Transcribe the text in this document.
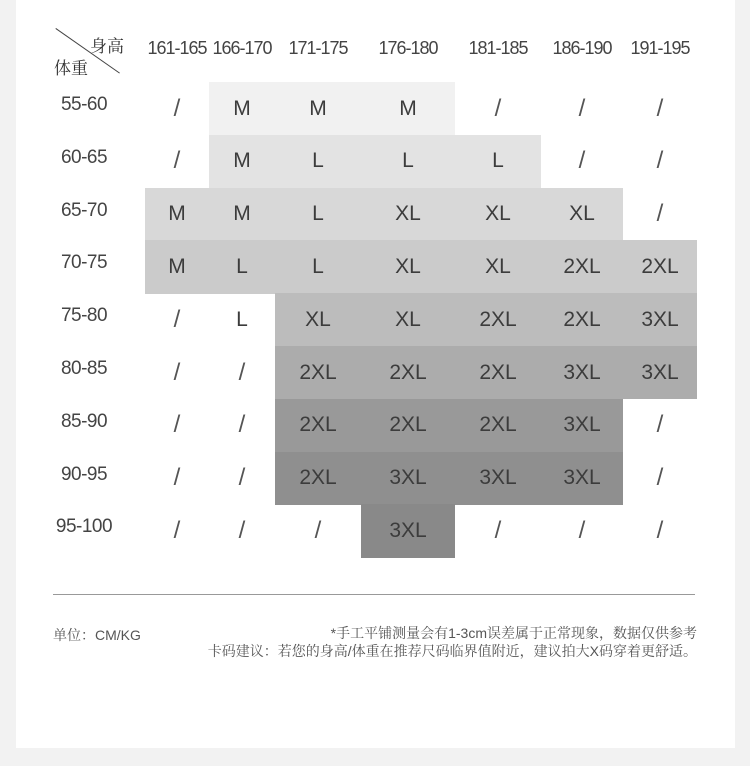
身高
体重
161-165 166-170 171-175	176-180	181-185	186-190	191-195
55-60	/	M	M	M	/	/	/
60-65	/	M	L	L	L	/	/
65-70	M	M	L	XL	XL	XL	/
70-75	M	L	L	XL	XL	2XL	2XL
75-80	/	L	XL	XL	2XL	2XL	3XL
80-85	/	/	2XL	2XL	2XL	3XL	3XL
85-90	/	/	2XL	2XL	2XL	3XL	/
90-95	/	/	2XL	3XL	3XL	3XL	/
95-100	/	/	/	3XL	/	/	/
单位：CM/KG	*手工平铺测量会有1-3cm误差属于正常现象，数据仅供参考
卡码建议：若您的身高/体重在推荐尺码临界值附近，建议拍大X码穿着更舒适。
